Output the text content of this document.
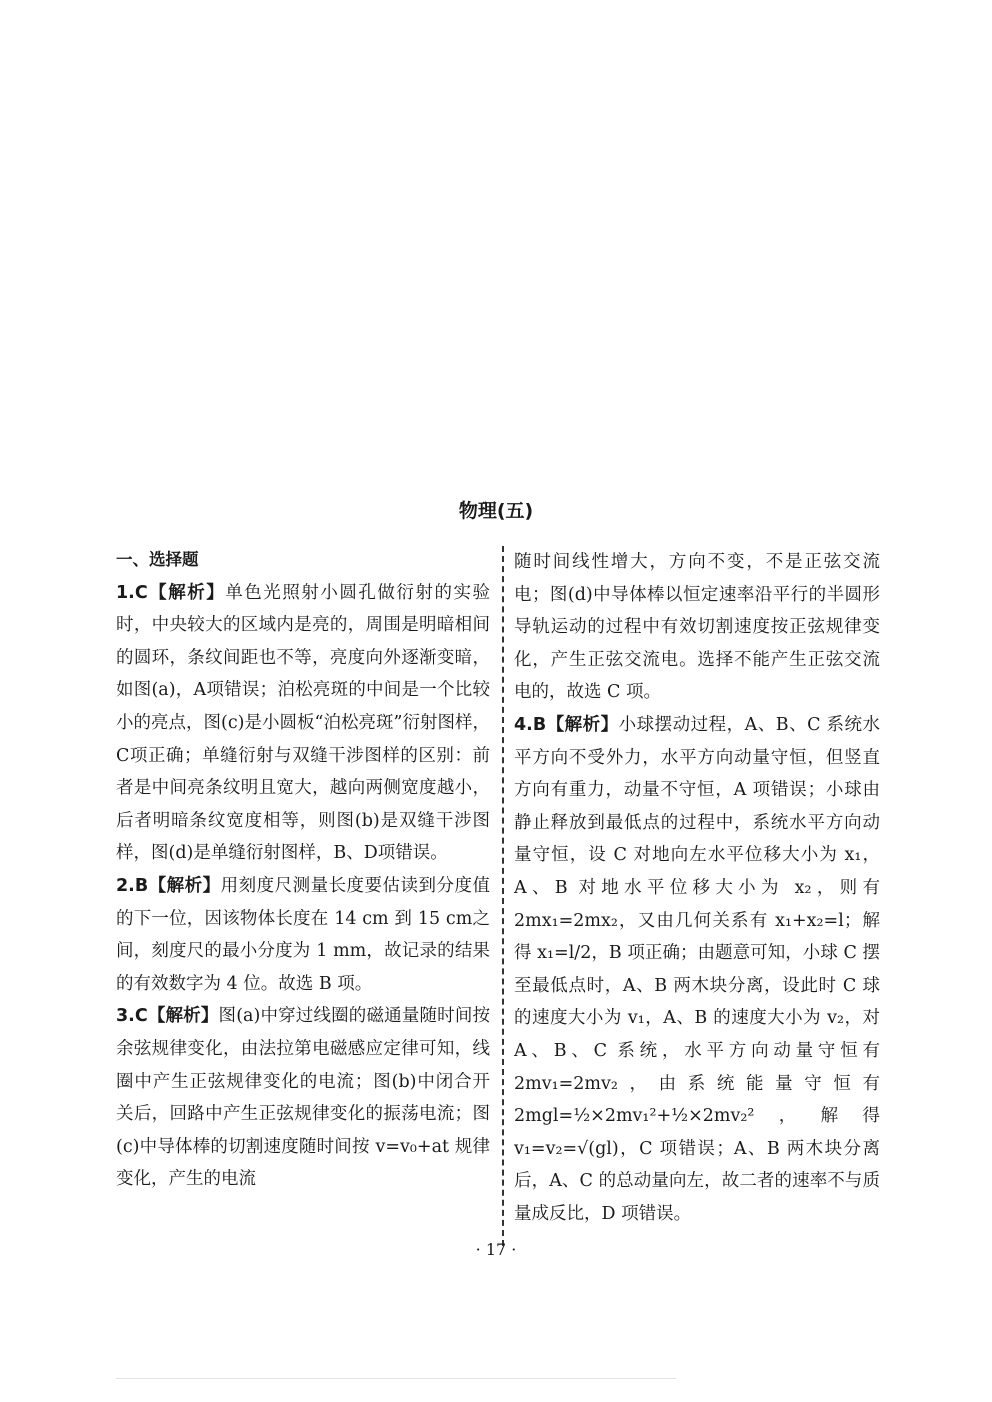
物理(五)
一、选择题

1.C【解析】单色光照射小圆孔做衍射的实验时，中央较大的区域内是亮的，周围是明暗相间的圆环，条纹间距也不等，亮度向外逐渐变暗，如图(a)，A项错误；泊松亮斑的中间是一个比较小的亮点，图(c)是小圆板“泊松亮斑”衍射图样，C项正确；单缝衍射与双缝干涉图样的区别：前者是中间亮条纹明且宽大，越向两侧宽度越小，后者明暗条纹宽度相等，则图(b)是双缝干涉图样，图(d)是单缝衍射图样，B、D项错误。

2.B【解析】用刻度尺测量长度要估读到分度值的下一位，因该物体长度在 14 cm 到 15 cm之间，刻度尺的最小分度为 1 mm，故记录的结果的有效数字为 4 位。故选 B 项。

3.C【解析】图(a)中穿过线圈的磁通量随时间按余弦规律变化，由法拉第电磁感应定律可知，线圈中产生正弦规律变化的电流；图(b)中闭合开关后，回路中产生正弦规律变化的振荡电流；图(c)中导体棒的切割速度随时间按 v=v₀+at 规律变化，产生的电流

随时间线性增大，方向不变，不是正弦交流电；图(d)中导体棒以恒定速率沿平行的半圆形导轨运动的过程中有效切割速度按正弦规律变化，产生正弦交流电。选择不能产生正弦交流电的，故选 C 项。

4.B【解析】小球摆动过程，A、B、C 系统水平方向不受外力，水平方向动量守恒，但竖直方向有重力，动量不守恒，A 项错误；小球由静止释放到最低点的过程中，系统水平方向动量守恒，设 C 对地向左水平位移大小为 x₁，A、B 对地水平位移大小为 x₂，则有 2mx₁=2mx₂，又由几何关系有 x₁+x₂=l；解得 x₁=l/2，B 项正确；由题意可知，小球 C 摆至最低点时，A、B 两木块分离，设此时 C 球的速度大小为 v₁，A、B 的速度大小为 v₂，对 A、B、C 系统，水平方向动量守恒有 2mv₁=2mv₂，由系统能量守恒有 2mgl=½×2mv₁²+½×2mv₂²，解得 v₁=v₂=√(gl)，C 项错误；A、B 两木块分离后，A、C 的总动量向左，故二者的速率不与质量成反比，D 项错误。

· 17 ·
